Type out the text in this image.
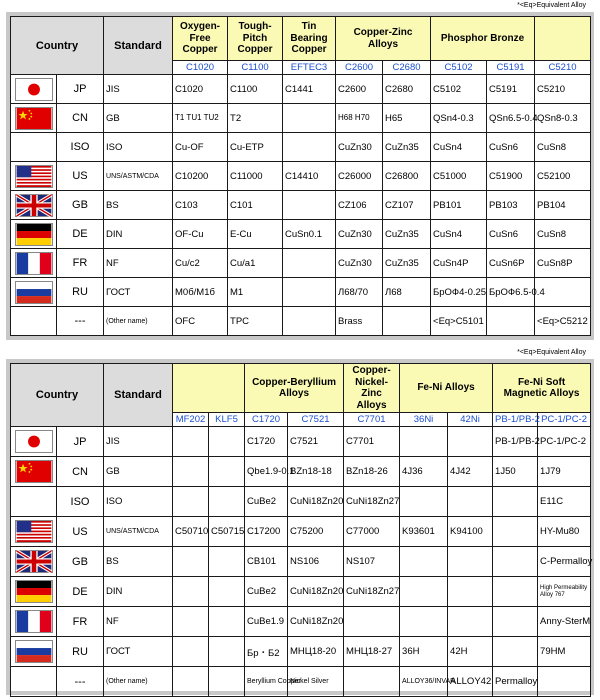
*<Eq>Equivalent Alloy
Country		Standard	Oxygen-Free Copper	Tough-Pitch Copper	Tin Bearing Copper	Copper-Zinc Alloys		Phosphor Bronze		
			C1020	C1100	EFTEC3	C2600	C2680	C5102	C5191	C5210

	JP	JIS	C1020	C1100	C1441	C2600	C2680	C5102	C5191	C5210

	CN	GB	T1 TU1 TU2	T2		H68 H70	H65	QSn4-0.3	QSn6.5-0.4	QSn8-0.3
	ISO	ISO	Cu-OF	Cu-ETP		CuZn30	CuZn35	CuSn4	CuSn6	CuSn8

	US	UNS/ASTM/CDA	C10200	C11000	C14410	C26000	C26800	C51000	C51900	C52100

	GB	BS	C103	C101		CZ106	CZ107	PB101	PB103	PB104

	DE	DIN	OF-Cu	E-Cu	CuSn0.1	CuZn30	CuZn35	CuSn4	CuSn6	CuSn8

	FR	NF	Cu/c2	Cu/a1		CuZn30	CuZn35	CuSn4P	CuSn6P	CuSn8P

	RU	ГОСТ	M0б/M1б	M1		Л68/70	Л68	БрОФ4-0.25	БрОФ6.5-0.4	
	---	(Other name)	OFC	TPC		Brass		<Eq>C5101		<Eq>C5212
*<Eq>Equivalent Alloy
Country		Standard			Copper-Beryllium Alloys		Copper-Nickel-Zinc Alloys	Fe-Ni Alloys		Fe-Ni Soft Magnetic Alloys	
			MF202	KLF5	C1720	C7521	C7701	36Ni	42Ni	PB-1/PB-2	PC-1/PC-2

	JP	JIS			C1720	C7521	C7701			PB-1/PB-2	PC-1/PC-2

	CN	GB			Qbe1.9-0.1	BZn18-18	BZn18-26	4J36	4J42	1J50	1J79
	ISO	ISO			CuBe2	CuNi18Zn20	CuNi18Zn27				E11C

	US	UNS/ASTM/CDA	C50710	C50715	C17200	C75200	C77000	K93601	K94100		HY-Mu80

	GB	BS			CB101	NS106	NS107				C-Permalloy

	DE	DIN			CuBe2	CuNi18Zn20	CuNi18Zn27				High Permeability Alloy 767

	FR	NF			CuBe1.9	CuNi18Zn20					Anny-SterM

	RU	ГОСТ			Бр・Б2	МНЦ18-20	МНЦ18-27	36H	42H		79HM
	---	(Other name)			Beryllium Copper	Nickel Silver		ALLOY36/INVAR	ALLOY42	Permalloy	
